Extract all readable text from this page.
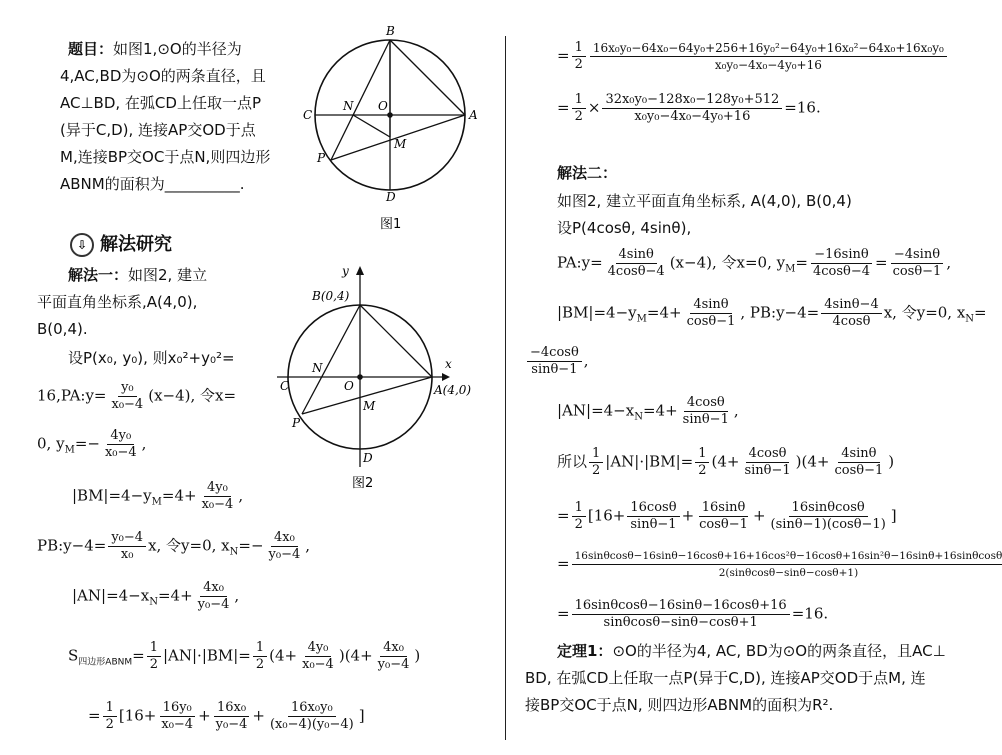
题目：如图1,⊙O的半径为
4,AC,BD为⊙O的两条直径，且
AC⊥BD, 在弧CD上任取一点P
(异于C,D), 连接AP交OD于点
M,连接BP交OC于点N,则四边形
ABNM的面积为__________.
B
C
N O
A
P
M
D
图1
⇩ 解法研究
解法一：如图2, 建立
平面直角坐标系,A(4,0),
B(0,4).
设P(x₀, y₀), 则x₀²+y₀²=
16,PA:y= $\frac{\text{y₀}}{\text{x₀−4}} (x-4)$, 令x=
0, $y_M=- \frac{\text{4y₀}}{\text{x₀−4}}$ ,
$|BM|=4-y_M=4+ \frac{\text{4y₀}}{\text{x₀−4}}$ ,
PB:y−4= $\frac{\text{y₀−4}}{\text{x₀}} x$, 令y=0, $x_N=- \frac{\text{4x₀}}{\text{y₀−4}}$ ,
$|AN|=4-x_N=4+ \frac{\text{4x₀}}{\text{y₀−4}}$ ,
$S_{四边形ABNM}= \frac{1}{2} |AN|\cdot|BM|= \frac{1}{2} (4+ \frac{\text{4y₀}}{\text{x₀−4}} )(4+ \frac{\text{4x₀}}{\text{y₀−4}}$ )
= $\frac{1}{2} [16+ \frac{\text{16y₀}}{\text{x₀−4}} + \frac{\text{16x₀}}{\text{y₀−4}} + \frac{\text{16x₀y₀}}{\text{(x₀−4)(y₀−4)}}$ ]
y
B(0,4)
x
C
N
O	A(4,0)
P
M
D
图2
= $\frac{1}{2} \frac{\text{16x₀y₀−64x₀−64y₀+256+16y₀²−64y₀+16x₀²−64x₀+16x₀y₀}}{\text{x₀y₀−4x₀−4y₀+16}}$
= $\frac{1}{2} \times \frac{\text{32x₀y₀−128x₀−128y₀+512}}{\text{x₀y₀−4x₀−4y₀+16}} =16$.
解法二：
如图2, 建立平面直角坐标系, A(4,0), B(0,4)
设P(4cosθ, 4sinθ),
PA:y= $\frac{4\sin\theta}{4\cos\theta-4} (x-4)$, 令x=0, $y_M= \frac{-16\sin\theta}{4\cos\theta-4} = \frac{-4\sin\theta}{\cos\theta-1}$ ,
$|BM|=4-y_M=4+ \frac{4\sin\theta}{\cos\theta-1}$ , PB:y−4= $\frac{4\sin\theta-4}{4\cos\theta} x$, 令y=0, $x_N=$
$\frac{-4\cos\theta}{\sin\theta-1}$ ,
$|AN|=4-x_N=4+ \frac{4\cos\theta}{\sin\theta-1}$ ,
所以 $\frac{1}{2} |AN|\cdot|BM|= \frac{1}{2} (4+ \frac{4\cos\theta}{\sin\theta-1} )(4+ \frac{4\sin\theta}{\cos\theta-1}$ )
= $\frac{1}{2} [16+ \frac{16\cos\theta}{\sin\theta-1} + \frac{16\sin\theta}{\cos\theta-1} + \frac{16\sin\theta\cos\theta}{(\sin\theta-1)(\cos\theta-1)}$ ]
= 16sinθcosθ−16sinθ−16cosθ+16+16cos²θ−16cosθ+16sin²θ−16sinθ+16sinθcosθ
2(sinθcosθ−sinθ−cosθ+1)
= $\frac{16\sin\theta\cos\theta-16\sin\theta-16\cos\theta+16}{\sin\theta\cos\theta-\sin\theta-\cos\theta+1} =16$.
定理1：⊙O的半径为4, AC, BD为⊙O的两条直径，且AC⊥
BD, 在弧CD上任取一点P(异于C,D), 连接AP交OD于点M, 连
接BP交OC于点N, 则四边形ABNM的面积为R².
